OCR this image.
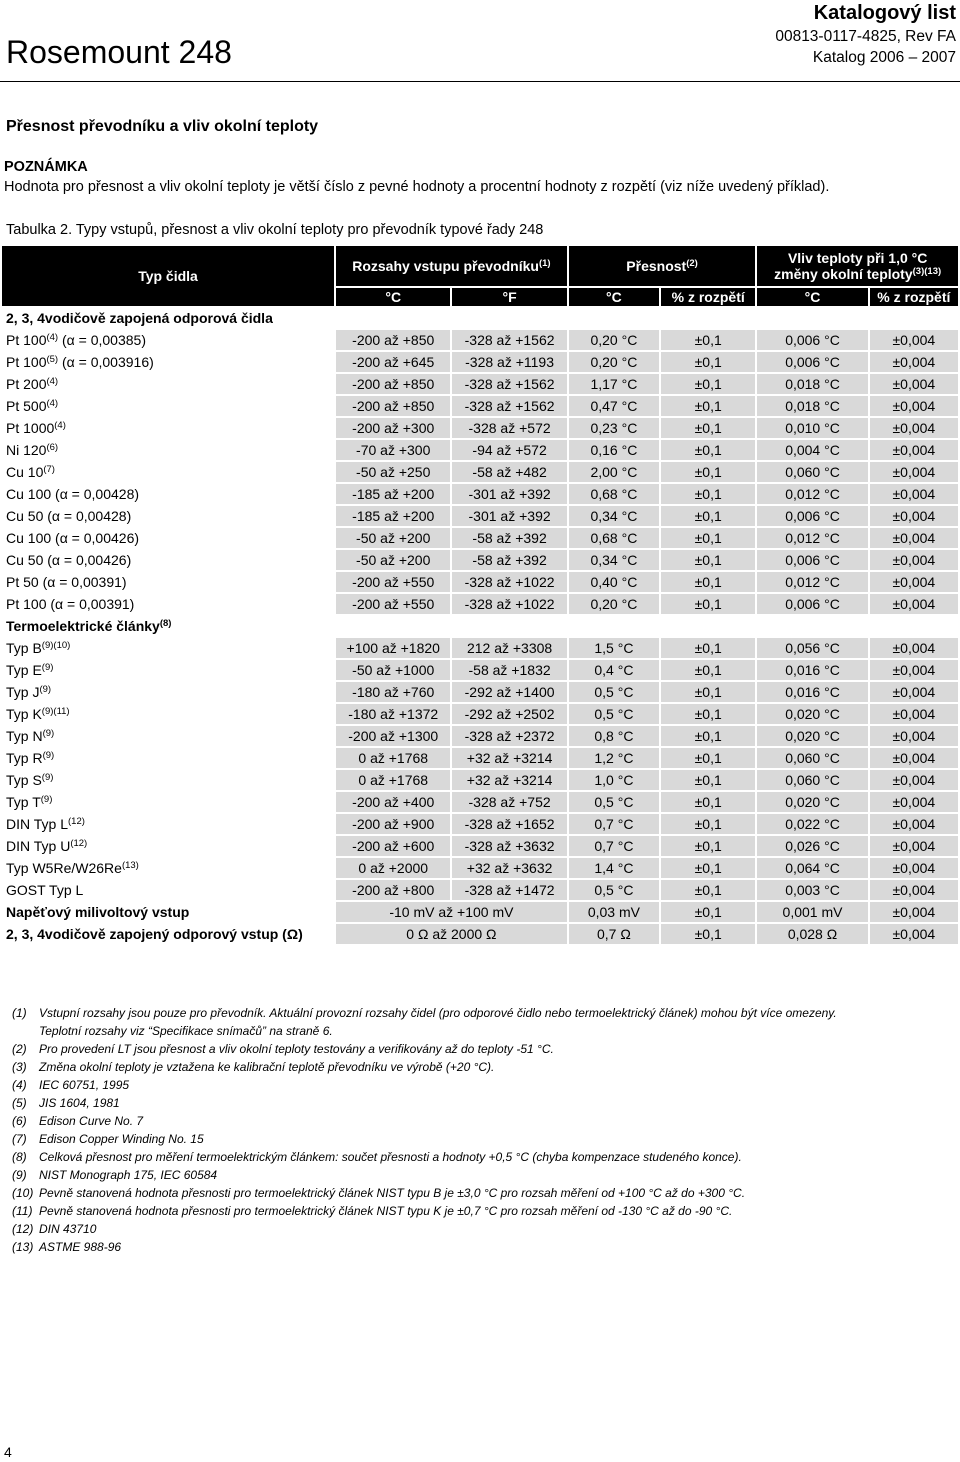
Rosemount 248
Katalogový list
00813-0117-4825, Rev FA
Katalog 2006 – 2007
Přesnost převodníku a vliv okolní teploty
POZNÁMKA
Hodnota pro přesnost a vliv okolní teploty je větší číslo z pevné hodnoty a procentní hodnoty z rozpětí (viz níže uvedený příklad).
Tabulka 2. Typy vstupů, přesnost a vliv okolní teploty pro převodník typové řady 248
Typ čidla	Rozsahy vstupu převodníku$^{(1)}$		Přesnost$^{(2)}$		Vliv teploty při 1,0 °C
změny okolní teploty$^{(3)(13)}$

	°C	°F	°C	% z rozpětí	°C	% z rozpětí
2, 3, 4vodičově zapojená odporová čidla						
Pt 100$^{(4)}$ (α = 0,00385)	-200 až +850	-328 až +1562	0,20 °C	±0,1	0,006 °C	±0,004
Pt 100$^{(5)}$ (α = 0,003916)	-200 až +645	-328 až +1193	0,20 °C	±0,1	0,006 °C	±0,004
Pt 200$^{(4)}$	-200 až +850	-328 až +1562	1,17 °C	±0,1	0,018 °C	±0,004
Pt 500$^{(4)}$	-200 až +850	-328 až +1562	0,47 °C	±0,1	0,018 °C	±0,004
Pt 1000$^{(4)}$	-200 až +300	-328 až +572	0,23 °C	±0,1	0,010 °C	±0,004
Ni 120$^{(6)}$	-70 až +300	-94 až +572	0,16 °C	±0,1	0,004 °C	±0,004
Cu 10$^{(7)}$	-50 až +250	-58 až +482	2,00 °C	±0,1	0,060 °C	±0,004
Cu 100 (α = 0,00428)	-185 až +200	-301 až +392	0,68 °C	±0,1	0,012 °C	±0,004
Cu 50 (α = 0,00428)	-185 až +200	-301 až +392	0,34 °C	±0,1	0,006 °C	±0,004
Cu 100 (α = 0,00426)	-50 až +200	-58 až +392	0,68 °C	±0,1	0,012 °C	±0,004
Cu 50 (α = 0,00426)	-50 až +200	-58 až +392	0,34 °C	±0,1	0,006 °C	±0,004
Pt 50 (α = 0,00391)	-200 až +550	-328 až +1022	0,40 °C	±0,1	0,012 °C	±0,004
Pt 100 (α = 0,00391)	-200 až +550	-328 až +1022	0,20 °C	±0,1	0,006 °C	±0,004
Termoelektrické články$^{(8)}$
Typ $B^{(9)(10)}$	+100 až +1820	212 až +3308	1,5 °C	±0,1	0,056 °C	±0,004
Typ $E^{(9)}$	-50 až +1000	-58 až +1832	0,4 °C	±0,1	0,016 °C	±0,004
Typ $J^{(9)}$	-180 až +760	-292 až +1400	0,5 °C	±0,1	0,016 °C	±0,004
Typ $K^{(9)(11)}$	-180 až +1372	-292 až +2502	0,5 °C	±0,1	0,020 °C	±0,004
Typ $N^{(9)}$	-200 až +1300	-328 až +2372	0,8 °C	±0,1	0,020 °C	±0,004
Typ $R^{(9)}$	0 až +1768	+32 až +3214	1,2 °C	±0,1	0,060 °C	±0,004
Typ $S^{(9)}$	0 až +1768	+32 až +3214	1,0 °C	±0,1	0,060 °C	±0,004
Typ $T^{(9)}$	-200 až +400	-328 až +752	0,5 °C	±0,1	0,020 °C	±0,004
DIN Typ $L^{(12)}$	-200 až +900	-328 až +1652	0,7 °C	±0,1	0,022 °C	±0,004
DIN Typ $U^{(12)}$	-200 až +600	-328 až +3632	0,7 °C	±0,1	0,026 °C	±0,004
Typ W5Re/W26Re$^{(13)}$	0 až +2000	+32 až +3632	1,4 °C	±0,1	0,064 °C	±0,004
GOST Typ L	-200 až +800	-328 až +1472	0,5 °C	±0,1	0,003 °C	±0,004
Napěťový milivoltový vstup	-10 mV až +100 mV		0,03 mV	±0,1	0,001 mV	±0,004
2, 3, 4vodičově zapojený odporový vstup (Ω)	0 Ω až 2000 Ω		0,7 Ω	±0,1	0,028 Ω	±0,004
(1)	Vstupní rozsahy jsou pouze pro převodník. Aktuální provozní rozsahy čidel (pro odporové čidlo nebo termoelektrický článek) mohou být více omezeny.
Teplotní rozsahy viz “Specifikace snímačů” na straně 6.
(2)	Pro provedení LT jsou přesnost a vliv okolní teploty testovány a verifikovány až do teploty -51 °C.
(3)	Změna okolní teploty je vztažena ke kalibrační teplotě převodníku ve výrobě (+20 °C).
(4)	IEC 60751, 1995
(5)	JIS 1604, 1981
(6)	Edison Curve No. 7
(7)	Edison Copper Winding No. 15
(8)	Celková přesnost pro měření termoelektrickým článkem: součet přesnosti a hodnoty +0,5 °C (chyba kompenzace studeného konce).
(9)	NIST Monograph 175, IEC 60584
(10) Pevně stanovená hodnota přesnosti pro termoelektrický článek NIST typu B je ±3,0 °C pro rozsah měření od +100 °C až do +300 °C.
(11) Pevně stanovená hodnota přesnosti pro termoelektrický článek NIST typu K je ±0,7 °C pro rozsah měření od -130 °C až do -90 °C.
(12) DIN 43710
(13) ASTME 988-96
4
